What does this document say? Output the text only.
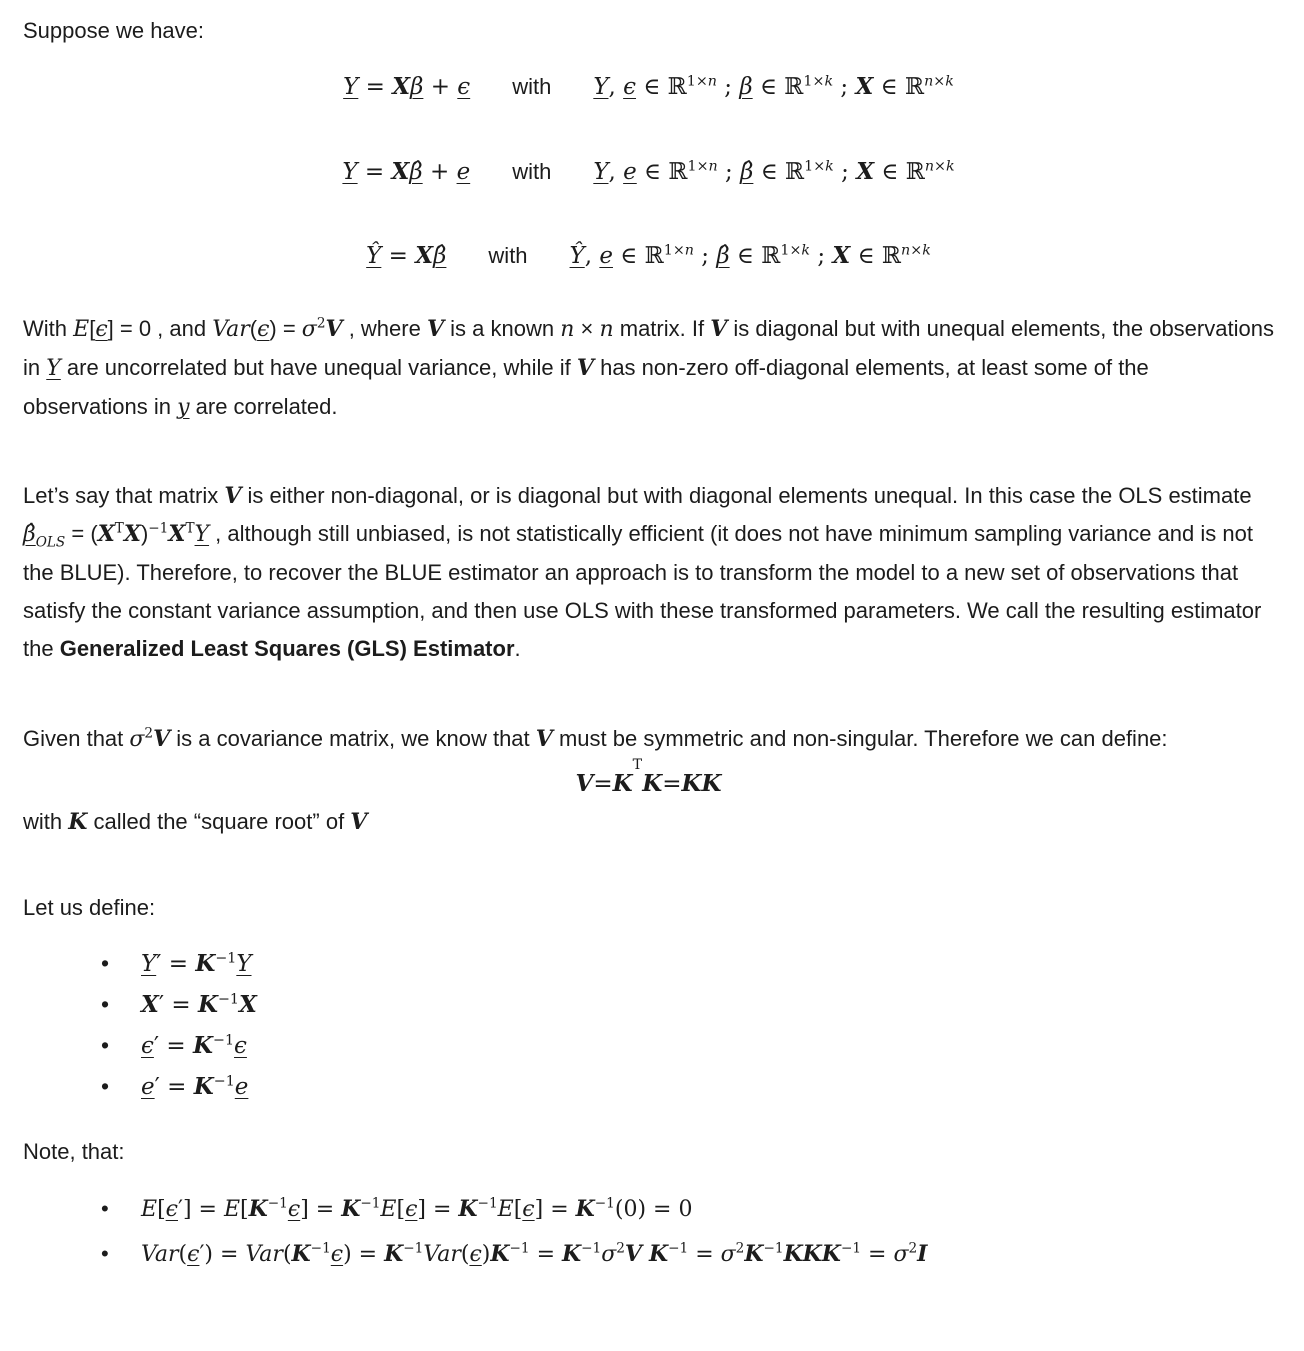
Suppose we have:

Y = Xβ + ϵ with Y, ϵ ∈ ℝ$^{1\times n}$ ; β ∈ ℝ$^{1\times k}$ ; X ∈ ℝ$^{n\times k}$
Y = Xβ̂ + e with Y, e ∈ ℝ$^{1\times n}$ ; β̂ ∈ ℝ$^{1\times k}$ ; X ∈ ℝ$^{n\times k}$
Ŷ = Xβ̂ with Ŷ, e ∈ ℝ$^{1\times n}$ ; β̂ ∈ ℝ$^{1\times k}$ ; X ∈ ℝ$^{n\times k}$

With E[ϵ] = 0 , and $Var(\epsilon) = \sigma^2V$ , where V is a known n × n matrix. If V is diagonal but with unequal elements, the observations in Y are uncorrelated but have unequal variance, while if V has non-zero off-diagonal elements, at least some of the observations in y are correlated.

Let’s say that matrix V is either non-diagonal, or is diagonal but with diagonal elements unequal. In this case the OLS estimate $\betâ_{OLS} = (X^TX)^{-1}X^TY$ , although still unbiased, is not statistically efficient (it does not have minimum sampling variance and is not the BLUE). Therefore, to recover the BLUE estimator an approach is to transform the model to a new set of observations that satisfy the constant variance assumption, and then use OLS with these transformed parameters. We call the resulting estimator the Generalized Least Squares (GLS) Estimator.

Given that $\sigma^2V$ is a covariance matrix, we know that V must be symmetric and non-singular. Therefore we can define:

V = K
T
K = KK

with K called the “square root” of V

Let us define:

• $Y' = K^{-1}Y$
• $X' = K^{-1}X$
• $\epsilon' = K^{-1}\epsilon$
• $e' = K^{-1}e$

Note, that:

• $E[\epsilon'] = E[K^{-1}\epsilon] = K^{-1}E[\epsilon] = K^{-1}E[\epsilon] = K^{-1}(0) = 0$
• $Var(\epsilon') = Var(K^{-1}\epsilon) = K^{-1}Var(\epsilon)K^{-1} = K^{-1}\sigma^2V$ $K^{-1} = \sigma^2K^{-1}KKK^{-1} = \sigma^2I$
